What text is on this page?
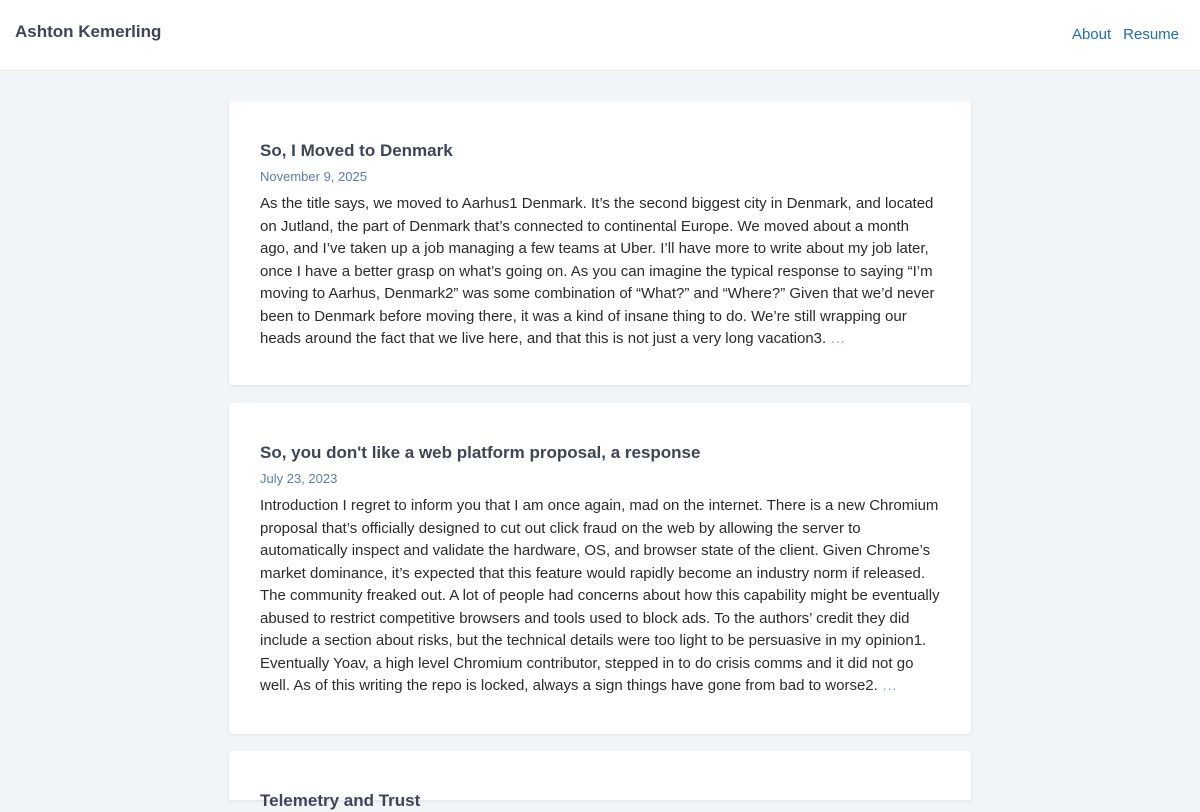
Ashton Kemerling	About Resume
So, I Moved to Denmark
November 9, 2025

As the title says, we moved to Aarhus1 Denmark. It’s the second biggest city in Denmark, and located on Jutland, the part of Denmark that’s connected to continental Europe. We moved about a month ago, and I’ve taken up a job managing a few teams at Uber. I’ll have more to write about my job later, once I have a better grasp on what’s going on. As you can imagine the typical response to saying “I’m moving to Aarhus, Denmark2” was some combination of “What?” and “Where?” Given that we’d never been to Denmark before moving there, it was a kind of insane thing to do. We’re still wrapping our heads around the fact that we live here, and that this is not just a very long vacation3. …

So, you don't like a web platform proposal, a response
July 23, 2023

Introduction I regret to inform you that I am once again, mad on the internet. There is a new Chromium proposal that’s officially designed to cut out click fraud on the web by allowing the server to automatically inspect and validate the hardware, OS, and browser state of the client. Given Chrome’s market dominance, it’s expected that this feature would rapidly become an industry norm if released. The community freaked out. A lot of people had concerns about how this capability might be eventually abused to restrict competitive browsers and tools used to block ads. To the authors’ credit they did include a section about risks, but the technical details were too light to be persuasive in my opinion1. Eventually Yoav, a high level Chromium contributor, stepped in to do crisis comms and it did not go well. As of this writing the repo is locked, always a sign things have gone from bad to worse2. …

Telemetry and Trust
